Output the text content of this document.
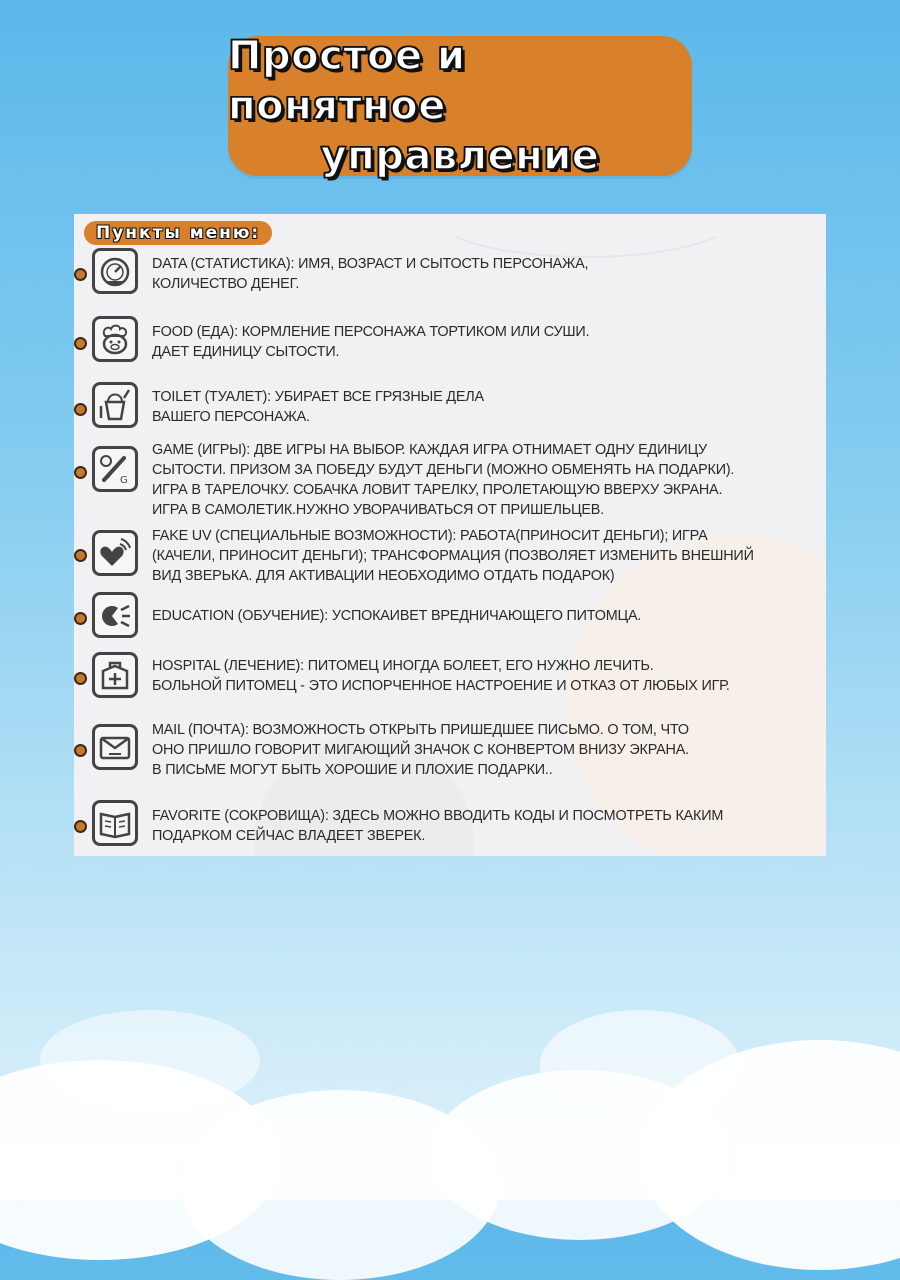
Простое и понятное
управление
Пункты меню:
DATA (СТАТИСТИКА): ИМЯ, ВОЗРАСТ И СЫТОСТЬ ПЕРСОНАЖА,
КОЛИЧЕСТВО ДЕНЕГ.
FOOD (ЕДА): КОРМЛЕНИЕ ПЕРСОНАЖА ТОРТИКОМ ИЛИ СУШИ.
ДАЕТ ЕДИНИЦУ СЫТОСТИ.
TOILET (ТУАЛЕТ): УБИРАЕТ ВСЕ ГРЯЗНЫЕ ДЕЛА
ВАШЕГО ПЕРСОНАЖА.
G
GAME (ИГРЫ): ДВЕ ИГРЫ НА ВЫБОР. КАЖДАЯ ИГРА ОТНИМАЕТ ОДНУ ЕДИНИЦУ
СЫТОСТИ. ПРИЗОМ ЗА ПОБЕДУ БУДУТ ДЕНЬГИ (МОЖНО ОБМЕНЯТЬ НА ПОДАРКИ).
ИГРА В ТАРЕЛОЧКУ. СОБАЧКА ЛОВИТ ТАРЕЛКУ, ПРОЛЕТАЮЩУЮ ВВЕРХУ ЭКРАНА.
ИГРА В САМОЛЕТИК.НУЖНО УВОРАЧИВАТЬСЯ ОТ ПРИШЕЛЬЦЕВ.
FAKE UV (СПЕЦИАЛЬНЫЕ ВОЗМОЖНОСТИ): РАБОТА(ПРИНОСИТ ДЕНЬГИ); ИГРА
(КАЧЕЛИ, ПРИНОСИТ ДЕНЬГИ); ТРАНСФОРМАЦИЯ (ПОЗВОЛЯЕТ ИЗМЕНИТЬ ВНЕШНИЙ
ВИД ЗВЕРЬКА. ДЛЯ АКТИВАЦИИ НЕОБХОДИМО ОТДАТЬ ПОДАРОК)
EDUCATION (ОБУЧЕНИЕ): УСПОКАИВЕТ ВРЕДНИЧАЮЩЕГО ПИТОМЦА.
HOSPITAL (ЛЕЧЕНИЕ): ПИТОМЕЦ ИНОГДА БОЛЕЕТ, ЕГО НУЖНО ЛЕЧИТЬ.
БОЛЬНОЙ ПИТОМЕЦ - ЭТО ИСПОРЧЕННОЕ НАСТРОЕНИЕ И ОТКАЗ ОТ ЛЮБЫХ ИГР.
MAIL (ПОЧТА): ВОЗМОЖНОСТЬ ОТКРЫТЬ ПРИШЕДШЕЕ ПИСЬМО. О ТОМ, ЧТО
ОНО ПРИШЛО ГОВОРИТ МИГАЮЩИЙ ЗНАЧОК С КОНВЕРТОМ ВНИЗУ ЭКРАНА.
В ПИСЬМЕ МОГУТ БЫТЬ ХОРОШИЕ И ПЛОХИЕ ПОДАРКИ..
FAVORITE (СОКРОВИЩА): ЗДЕСЬ МОЖНО ВВОДИТЬ КОДЫ И ПОСМОТРЕТЬ КАКИМ
ПОДАРКОМ СЕЙЧАС ВЛАДЕЕТ ЗВЕРЕК.
